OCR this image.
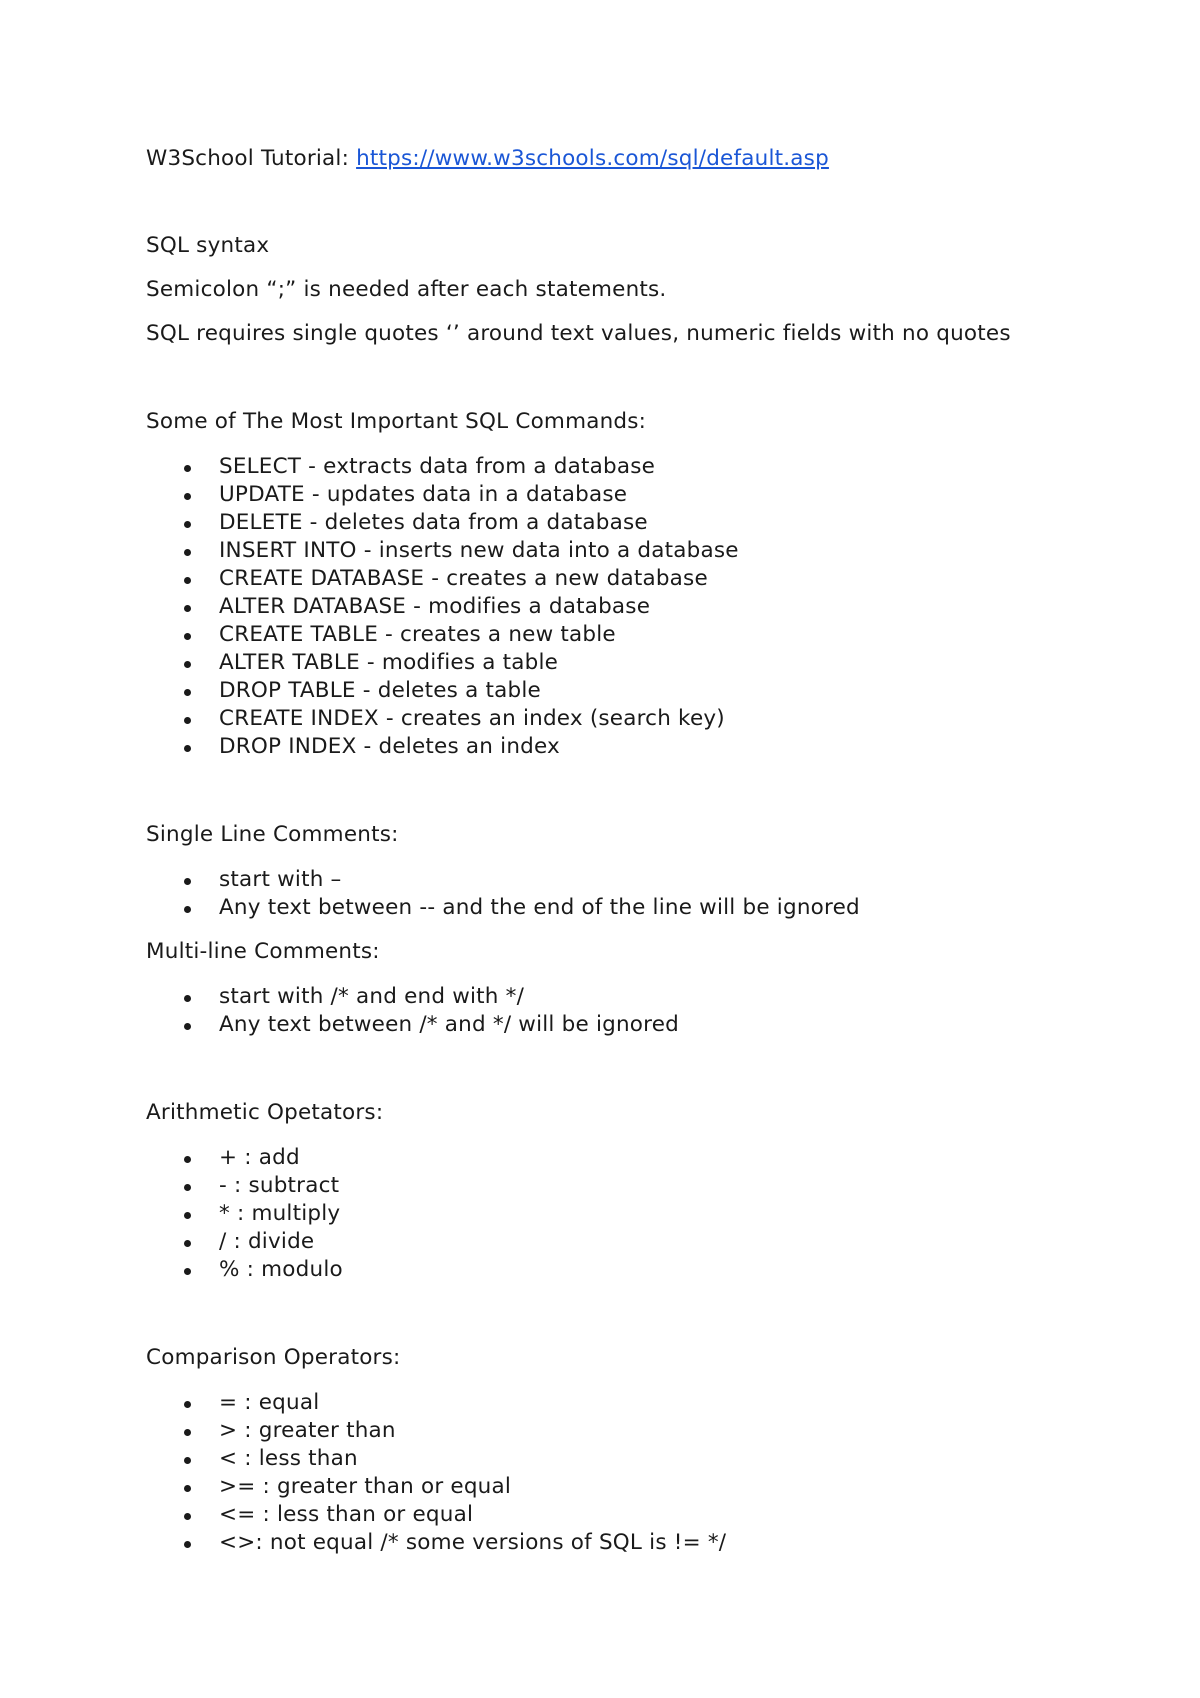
W3School Tutorial: https://www.w3schools.com/sql/default.asp
SQL syntax
Semicolon “;” is needed after each statements.
SQL requires single quotes ‘’ around text values, numeric fields with no quotes
Some of The Most Important SQL Commands:
SELECT - extracts data from a database
UPDATE - updates data in a database
DELETE - deletes data from a database
INSERT INTO - inserts new data into a database
CREATE DATABASE - creates a new database
ALTER DATABASE - modifies a database
CREATE TABLE - creates a new table
ALTER TABLE - modifies a table
DROP TABLE - deletes a table
CREATE INDEX - creates an index (search key)
DROP INDEX - deletes an index
Single Line Comments:
start with –
Any text between -- and the end of the line will be ignored
Multi-line Comments:
start with /* and end with */
Any text between /* and */ will be ignored
Arithmetic Opetators:
+ : add
- : subtract
* : multiply
/ : divide
% : modulo
Comparison Operators:
= : equal
> : greater than
< : less than
>= : greater than or equal
<= : less than or equal
<>: not equal /* some versions of SQL is != */
